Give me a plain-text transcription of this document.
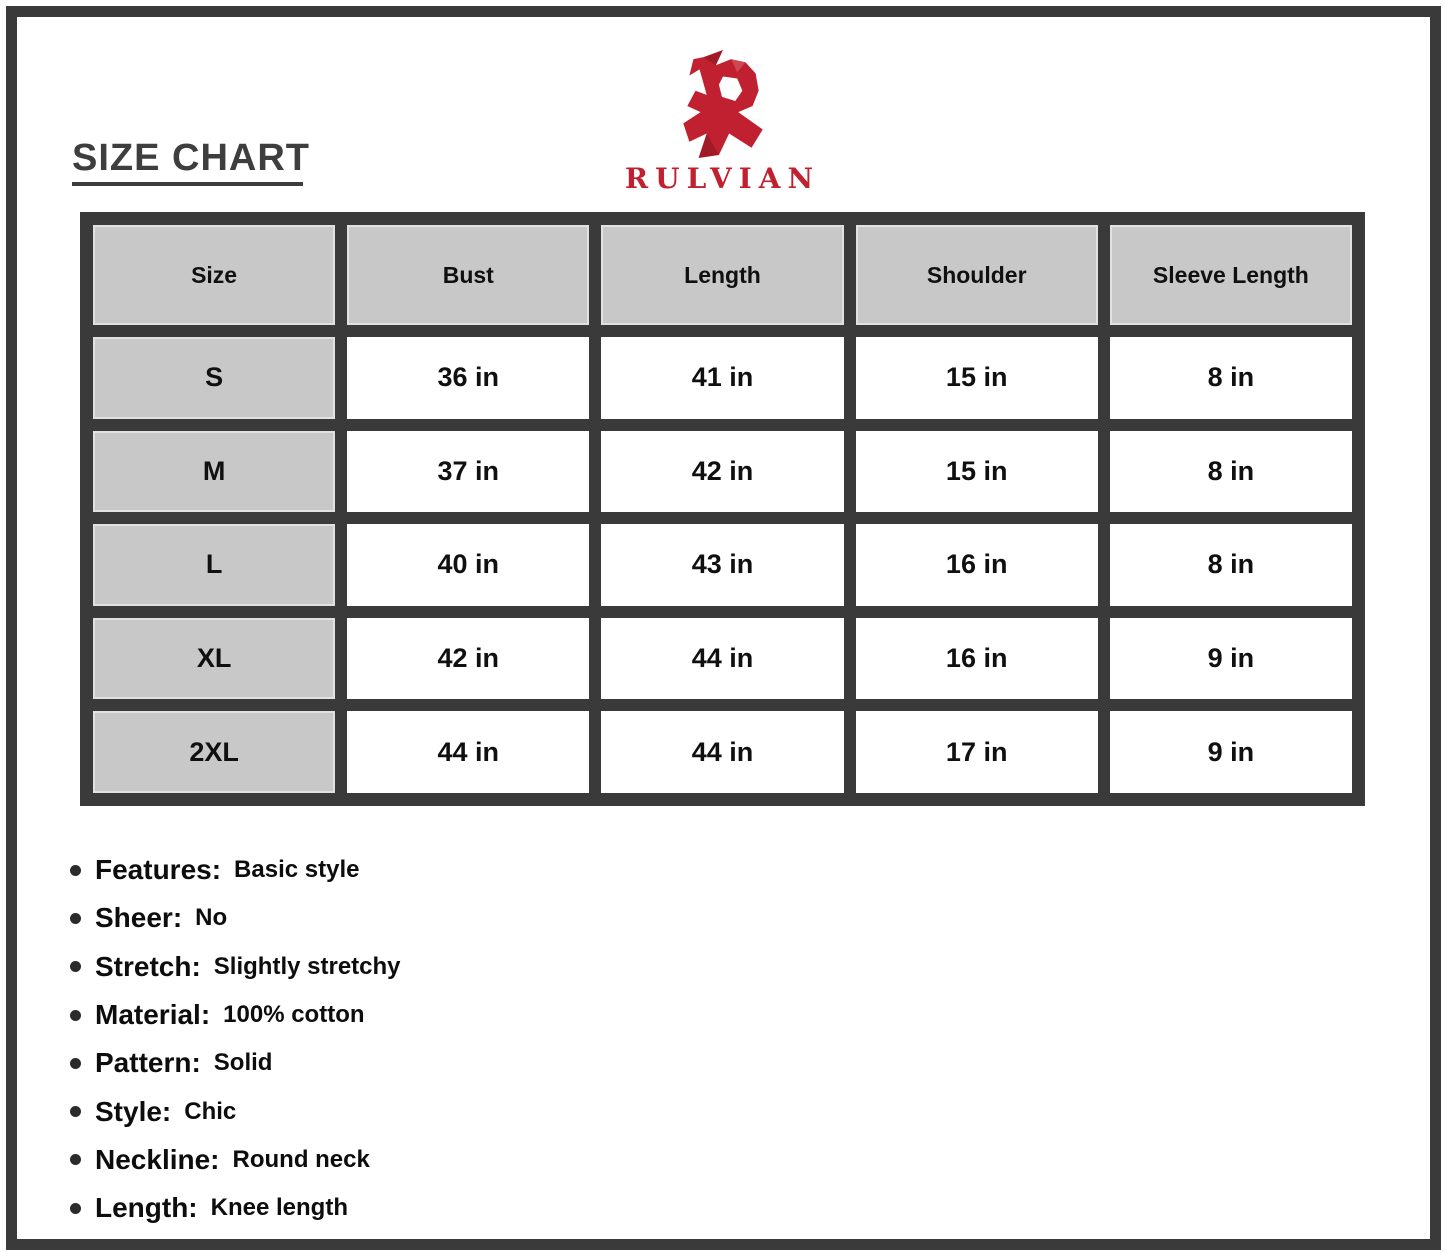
SIZE CHART	RULVIAN
Size	Bust	Length	Shoulder	Sleeve Length
S	36 in	41 in	15 in	8 in
M	37 in	42 in	15 in	8 in
L	40 in	43 in	16 in	8 in
XL	42 in	44 in	16 in	9 in
2XL	44 in	44 in	17 in	9 in
Features: Basic style
Sheer: No
Stretch: Slightly stretchy
Material: 100% cotton
Pattern: Solid
Style: Chic
Neckline: Round neck
Length: Knee length
